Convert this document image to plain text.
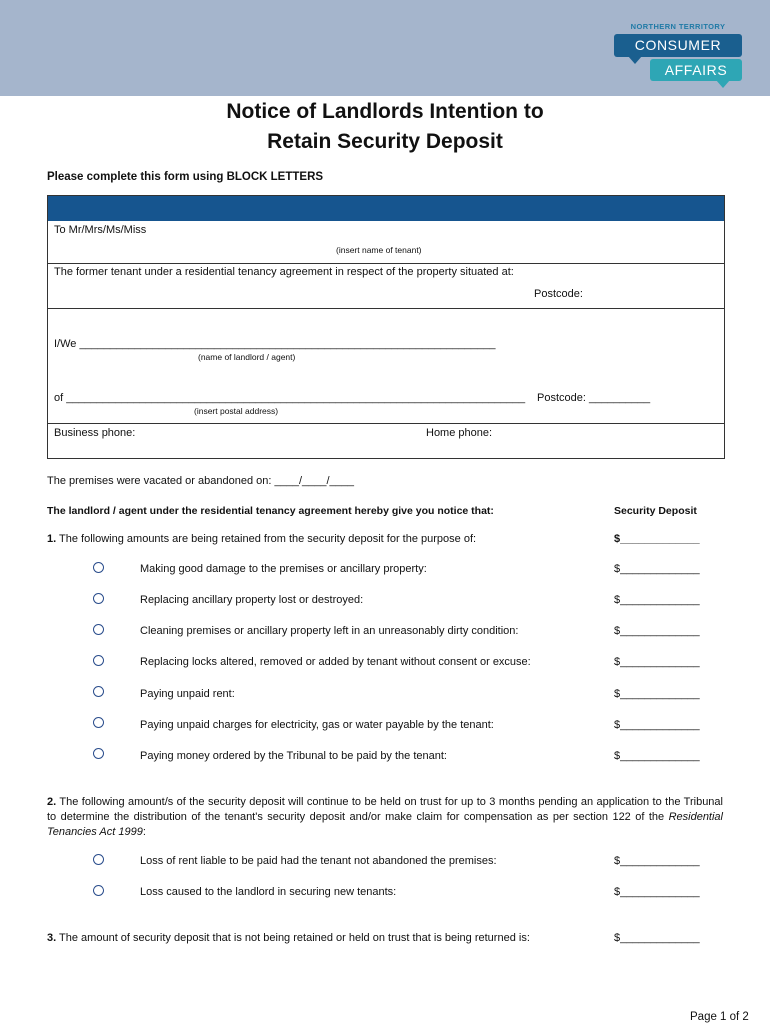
NORTHERN TERRITORY
CONSUMER
AFFAIRS
Notice of Landlords Intention to
Retain Security Deposit
Please complete this form using BLOCK LETTERS
To Mr/Mrs/Ms/Miss
(insert name of tenant)
The former tenant under a residential tenancy agreement in respect of the property situated at:
Postcode:
I/We ____________________________________________________________________
(name of landlord / agent)
of ___________________________________________________________________________ Postcode: __________
(insert postal address)
Business phone:	Home phone:
The premises were vacated or abandoned on: ____/____/____
The landlord / agent under the residential tenancy agreement hereby give you notice that:	Security Deposit
1. The following amounts are being retained from the security deposit for the purpose of:	$_____________
Making good damage to the premises or ancillary property:	$_____________
Replacing ancillary property lost or destroyed:	$_____________
Cleaning premises or ancillary property left in an unreasonably dirty condition:	$_____________
Replacing locks altered, removed or added by tenant without consent or excuse:	$_____________
Paying unpaid rent:	$_____________
Paying unpaid charges for electricity, gas or water payable by the tenant:	$_____________
Paying money ordered by the Tribunal to be paid by the tenant:	$_____________
2. The following amount/s of the security deposit will continue to be held on trust for up to 3 months pending an application to the Tribunal to determine the distribution of the tenant's security deposit and/or make claim for compensation as per section 122 of the Residential Tenancies Act 1999:
Loss of rent liable to be paid had the tenant not abandoned the premises:	$_____________
Loss caused to the landlord in securing new tenants:	$_____________
3. The amount of security deposit that is not being retained or held on trust that is being returned is:	$_____________
Page 1 of 2
